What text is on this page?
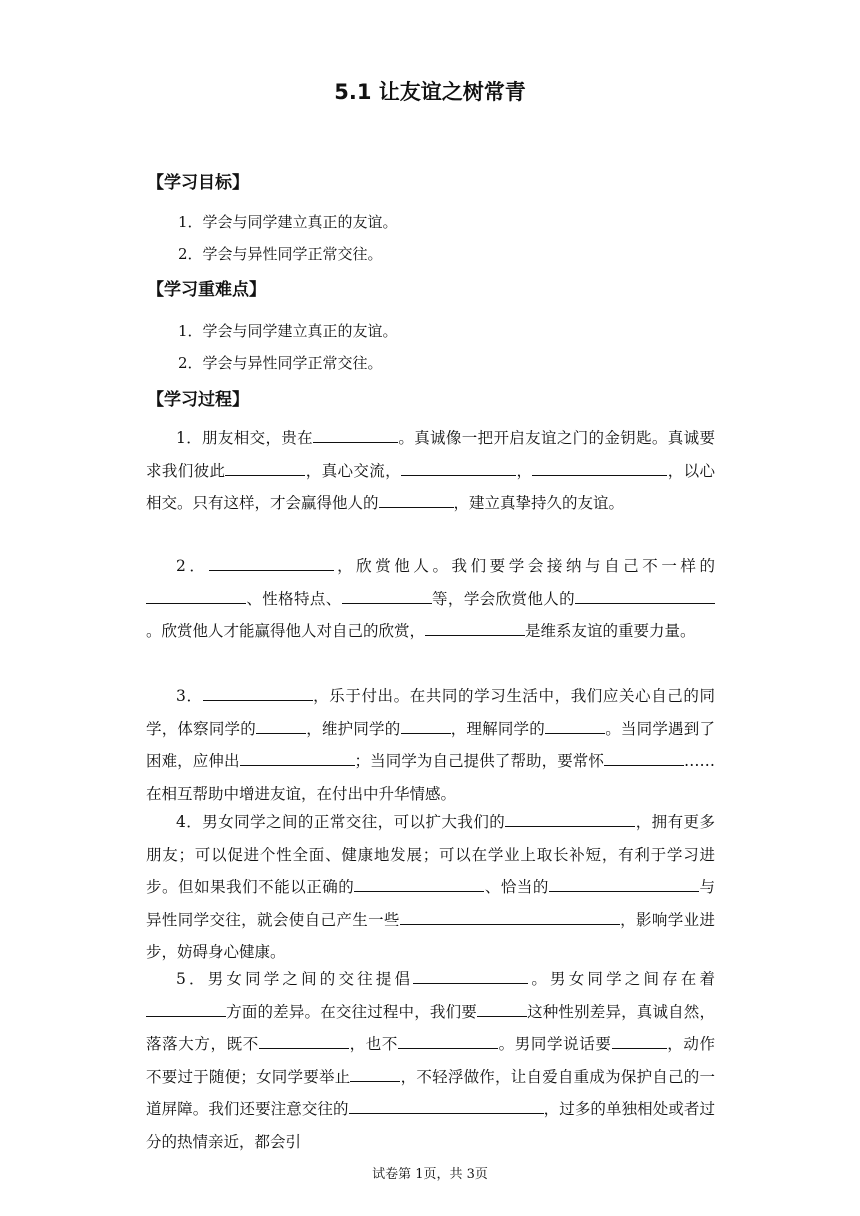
5.1 让友谊之树常青
【学习目标】
1．学会与同学建立真正的友谊。
2．学会与异性同学正常交往。
【学习重难点】
1．学会与同学建立真正的友谊。
2．学会与异性同学正常交往。
【学习过程】
1．朋友相交，贵在	。真诚像一把开启友谊之门的金钥匙。真诚要求我们彼此	，真心交流，	，	，以心相交。只有这样，才会赢得他人的	，建立真挚持久的友谊。
2．	，欣赏他人。我们要学会接纳与自己不一样的、性格特点、	等，学会欣赏他人的。欣赏他人才能赢得他人对自己的欣赏，	是维系友谊的重要力量。
3．	，乐于付出。在共同的学习生活中，我们应关心自己的同学，体察同学的	，维护同学的	，理解同学的	。当同学遇到了困难，应伸出	；当同学为自己提供了帮助，要常怀	……在相互帮助中增进友谊，在付出中升华情感。
4．男女同学之间的正常交往，可以扩大我们的	，拥有更多朋友；可以促进个性全面、健康地发展；可以在学业上取长补短，有利于学习进步。但如果我们不能以正确的	、恰当的	与异性同学交往，就会使自己产生一些	，影响学业进步，妨碍身心健康。
5．男女同学之间的交往提倡	。男女同学之间存在着方面的差异。在交往过程中，我们要	这种性别差异，真诚自然，落落大方，既不	，也不	。男同学说话要	，动作不要过于随便；女同学要举止	，不轻浮做作，让自爱自重成为保护自己的一道屏障。我们还要注意交往的	，过多的单独相处或者过分的热情亲近，都会引
试卷第 1页，共 3页
